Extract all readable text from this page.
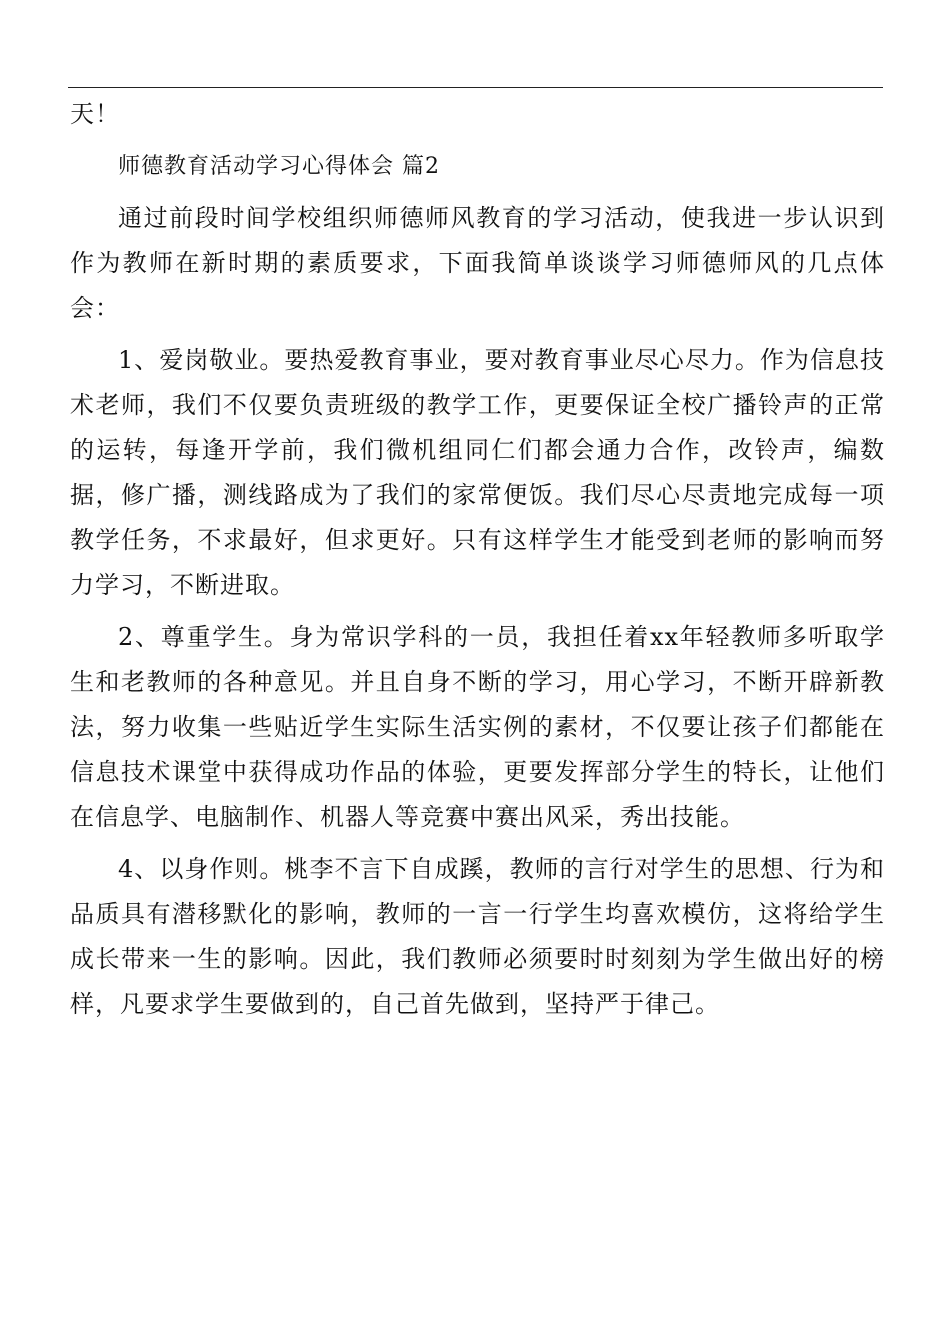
天！

师德教育活动学习心得体会 篇2

通过前段时间学校组织师德师风教育的学习活动，使我进一步认识到作为教师在新时期的素质要求，下面我简单谈谈学习师德师风的几点体会：

1、爱岗敬业。要热爱教育事业，要对教育事业尽心尽力。作为信息技术老师，我们不仅要负责班级的教学工作，更要保证全校广播铃声的正常的运转，每逢开学前，我们微机组同仁们都会通力合作，改铃声，编数据，修广播，测线路成为了我们的家常便饭。我们尽心尽责地完成每一项教学任务，不求最好，但求更好。只有这样学生才能受到老师的影响而努力学习，不断进取。

2、尊重学生。身为常识学科的一员，我担任着xx年轻教师多听取学生和老教师的各种意见。并且自身不断的学习，用心学习，不断开辟新教法，努力收集一些贴近学生实际生活实例的素材，不仅要让孩子们都能在信息技术课堂中获得成功作品的体验，更要发挥部分学生的特长，让他们在信息学、电脑制作、机器人等竞赛中赛出风采，秀出技能。

4、以身作则。桃李不言下自成蹊，教师的言行对学生的思想、行为和品质具有潜移默化的影响，教师的一言一行学生均喜欢模仿，这将给学生成长带来一生的影响。因此，我们教师必须要时时刻刻为学生做出好的榜样，凡要求学生要做到的，自己首先做到，坚持严于律己。
